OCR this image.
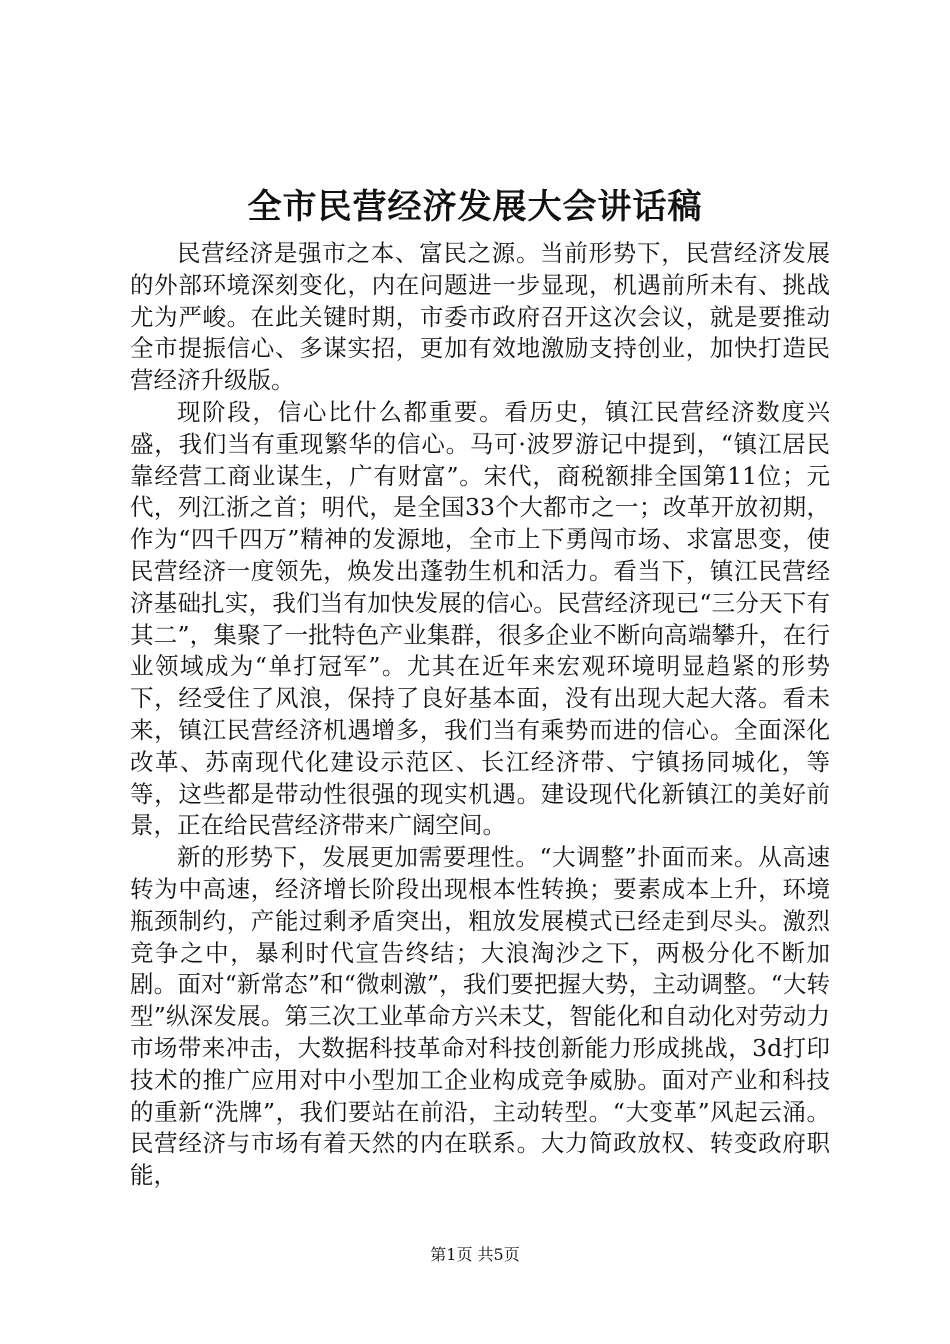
全市民营经济发展大会讲话稿

民营经济是强市之本、富民之源。当前形势下，民营经济发展的外部环境深刻变化，内在问题进一步显现，机遇前所未有、挑战尤为严峻。在此关键时期，市委市政府召开这次会议，就是要推动全市提振信心、多谋实招，更加有效地激励支持创业，加快打造民营经济升级版。

现阶段，信心比什么都重要。看历史，镇江民营经济数度兴盛，我们当有重现繁华的信心。马可·波罗游记中提到，“镇江居民靠经营工商业谋生，广有财富”。宋代，商税额排全国第11位；元代，列江浙之首；明代，是全国33个大都市之一；改革开放初期，作为“四千四万”精神的发源地，全市上下勇闯市场、求富思变，使民营经济一度领先，焕发出蓬勃生机和活力。看当下，镇江民营经济基础扎实，我们当有加快发展的信心。民营经济现已“三分天下有其二”，集聚了一批特色产业集群，很多企业不断向高端攀升，在行业领域成为“单打冠军”。尤其在近年来宏观环境明显趋紧的形势下，经受住了风浪，保持了良好基本面，没有出现大起大落。看未来，镇江民营经济机遇增多，我们当有乘势而进的信心。全面深化改革、苏南现代化建设示范区、长江经济带、宁镇扬同城化，等等，这些都是带动性很强的现实机遇。建设现代化新镇江的美好前景，正在给民营经济带来广阔空间。

新的形势下，发展更加需要理性。“大调整”扑面而来。从高速转为中高速，经济增长阶段出现根本性转换；要素成本上升，环境瓶颈制约，产能过剩矛盾突出，粗放发展模式已经走到尽头。激烈竞争之中，暴利时代宣告终结；大浪淘沙之下，两极分化不断加剧。面对“新常态”和“微刺激”，我们要把握大势，主动调整。“大转型”纵深发展。第三次工业革命方兴未艾，智能化和自动化对劳动力市场带来冲击，大数据科技革命对科技创新能力形成挑战，3d打印技术的推广应用对中小型加工企业构成竞争威胁。面对产业和科技的重新“洗牌”，我们要站在前沿，主动转型。“大变革”风起云涌。民营经济与市场有着天然的内在联系。大力简政放权、转变政府职能，

第1页 共5页
